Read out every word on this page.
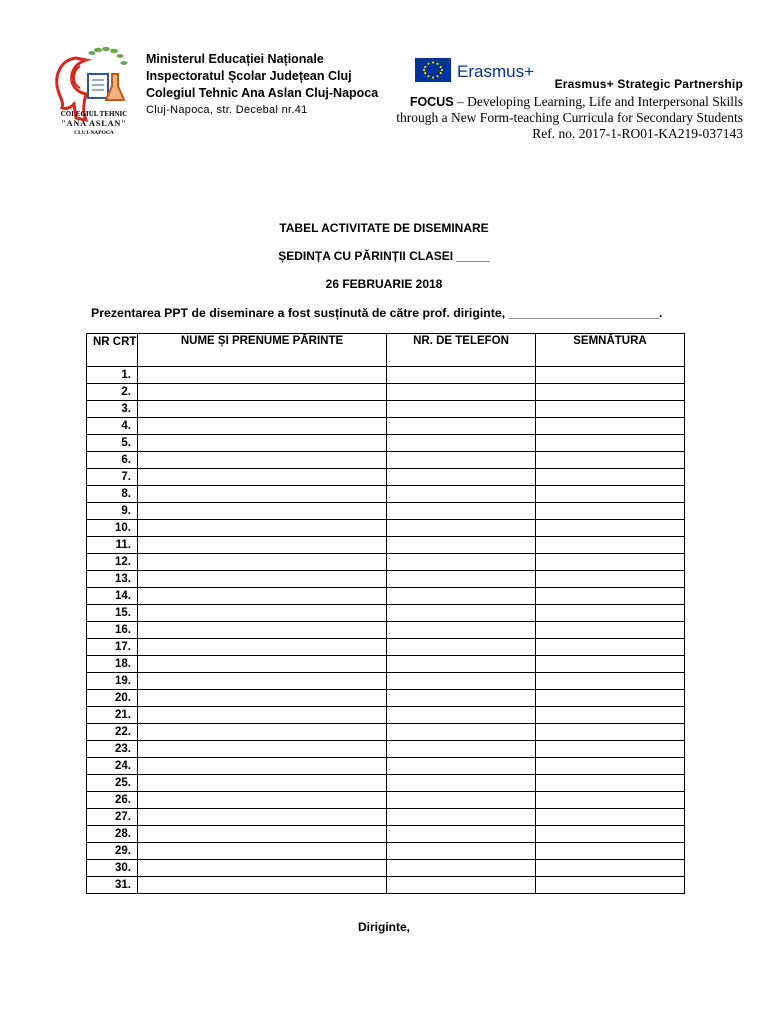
COLEGIUL TEHNIC
"ANA ASLAN"
CLUJ-NAPOCA
Ministerul Educației Naționale
Inspectoratul Școlar Județean Cluj
Colegiul Tehnic Ana Aslan Cluj-Napoca
Cluj-Napoca, str. Decebal nr.41
Erasmus+
Erasmus+ Strategic Partnership
FOCUS – Developing Learning, Life and Interpersonal Skills through a New Form-teaching Curricula for Secondary Students
Ref. no. 2017-1-RO01-KA219-037143
TABEL ACTIVITATE DE DISEMINARE
ȘEDINȚA CU PĂRINȚII CLASEI _____
26 FEBRUARIE 2018
Prezentarea PPT de diseminare a fost susținută de către prof. diriginte, ______________________.
NR CRT	NUME ȘI PRENUME PĂRINTE	NR. DE TELEFON	SEMNĂTURA
1.			
2.			
3.			
4.			
5.			
6.			
7.			
8.			
9.			
10.			
11.			
12.			
13.			
14.			
15.			
16.			
17.			
18.			
19.			
20.			
21.			
22.			
23.			
24.			
25.			
26.			
27.			
28.			
29.			
30.			
31.			
Diriginte,
